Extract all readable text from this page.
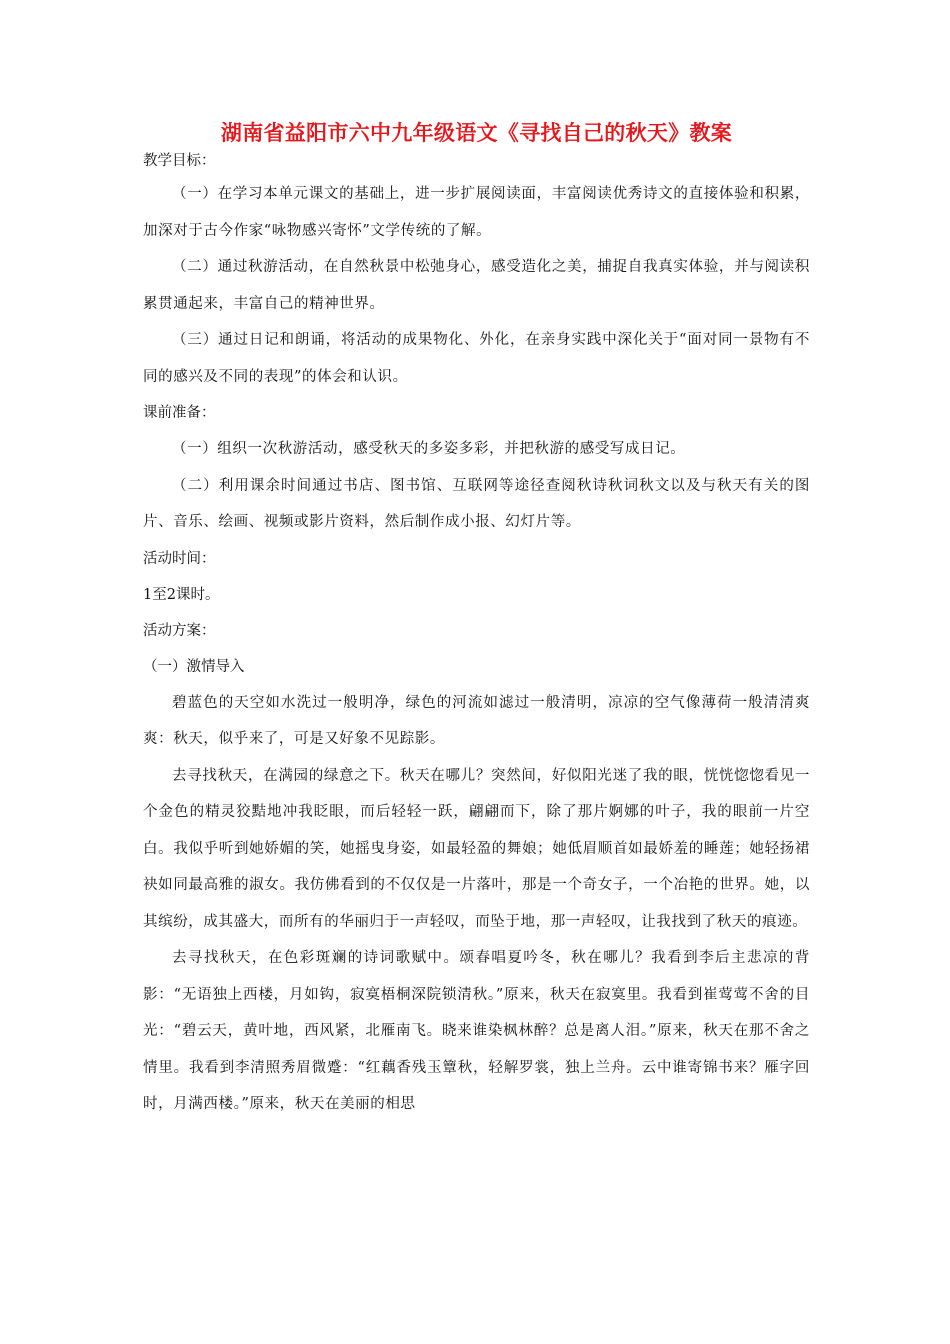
湖南省益阳市六中九年级语文《寻找自己的秋天》教案

教学目标：

（一）在学习本单元课文的基础上，进一步扩展阅读面，丰富阅读优秀诗文的直接体验和积累，加深对于古今作家“咏物感兴寄怀”文学传统的了解。

（二）通过秋游活动，在自然秋景中松弛身心，感受造化之美，捕捉自我真实体验，并与阅读积累贯通起来，丰富自己的精神世界。

（三）通过日记和朗诵，将活动的成果物化、外化，在亲身实践中深化关于“面对同一景物有不同的感兴及不同的表现”的体会和认识。

课前准备：

（一）组织一次秋游活动，感受秋天的多姿多彩，并把秋游的感受写成日记。

（二）利用课余时间通过书店、图书馆、互联网等途径查阅秋诗秋词秋文以及与秋天有关的图片、音乐、绘画、视频或影片资料，然后制作成小报、幻灯片等。

活动时间：

1至2课时。

活动方案：

（一）激情导入

碧蓝色的天空如水洗过一般明净，绿色的河流如滤过一般清明，凉凉的空气像薄荷一般清清爽爽：秋天，似乎来了，可是又好象不见踪影。

去寻找秋天，在满园的绿意之下。秋天在哪儿？突然间，好似阳光迷了我的眼，恍恍惚惚看见一个金色的精灵狡黠地冲我眨眼，而后轻轻一跃，翩翩而下，除了那片婀娜的叶子，我的眼前一片空白。我似乎听到她娇媚的笑，她摇曳身姿，如最轻盈的舞娘；她低眉顺首如最娇羞的睡莲；她轻扬裙袂如同最高雅的淑女。我仿佛看到的不仅仅是一片落叶，那是一个奇女子，一个冶艳的世界。她，以其缤纷，成其盛大，而所有的华丽归于一声轻叹，而坠于地，那一声轻叹，让我找到了秋天的痕迹。

去寻找秋天，在色彩斑斓的诗词歌赋中。颂春唱夏吟冬，秋在哪儿？我看到李后主悲凉的背影：“无语独上西楼，月如钩，寂寞梧桐深院锁清秋。”原来，秋天在寂寞里。我看到崔莺莺不舍的目光：“碧云天，黄叶地，西风紧，北雁南飞。晓来谁染枫林醉？总是离人泪。”原来，秋天在那不舍之情里。我看到李清照秀眉微蹙：“红藕香残玉簟秋，轻解罗裳，独上兰舟。云中谁寄锦书来？雁字回时，月满西楼。”原来，秋天在美丽的相思
